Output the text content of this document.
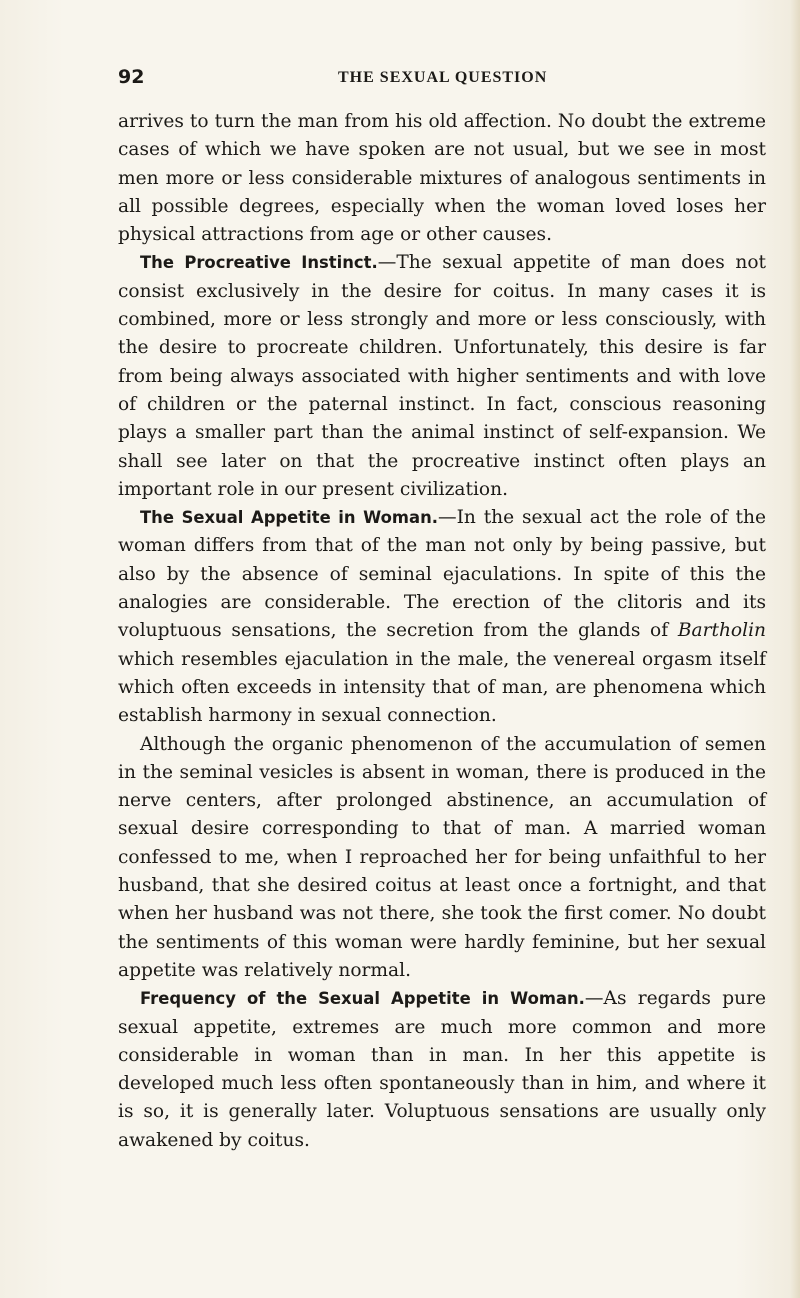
92	THE SEXUAL QUESTION

arrives to turn the man from his old affection. No doubt the extreme cases of which we have spoken are not usual, but we see in most men more or less considerable mixtures of analogous sentiments in all possible degrees, especially when the woman loved loses her physical attractions from age or other causes.

The Procreative Instinct.—The sexual appetite of man does not consist exclusively in the desire for coitus. In many cases it is combined, more or less strongly and more or less consciously, with the desire to procreate children. Unfortunately, this desire is far from being always associated with higher sentiments and with love of children or the paternal instinct. In fact, conscious reasoning plays a smaller part than the animal instinct of self-expansion. We shall see later on that the procreative instinct often plays an important role in our present civilization.

The Sexual Appetite in Woman.—In the sexual act the role of the woman differs from that of the man not only by being passive, but also by the absence of seminal ejaculations. In spite of this the analogies are considerable. The erection of the clitoris and its voluptuous sensations, the secretion from the glands of Bartholin which resembles ejaculation in the male, the venereal orgasm itself which often exceeds in intensity that of man, are phenomena which establish harmony in sexual connection.

Although the organic phenomenon of the accumulation of semen in the seminal vesicles is absent in woman, there is produced in the nerve centers, after prolonged abstinence, an accumulation of sexual desire corresponding to that of man. A married woman confessed to me, when I reproached her for being unfaithful to her husband, that she desired coitus at least once a fortnight, and that when her husband was not there, she took the first comer. No doubt the sentiments of this woman were hardly feminine, but her sexual appetite was relatively normal.

Frequency of the Sexual Appetite in Woman.—As regards pure sexual appetite, extremes are much more common and more considerable in woman than in man. In her this appetite is developed much less often spontaneously than in him, and where it is so, it is generally later. Voluptuous sensations are usually only awakened by coitus.
